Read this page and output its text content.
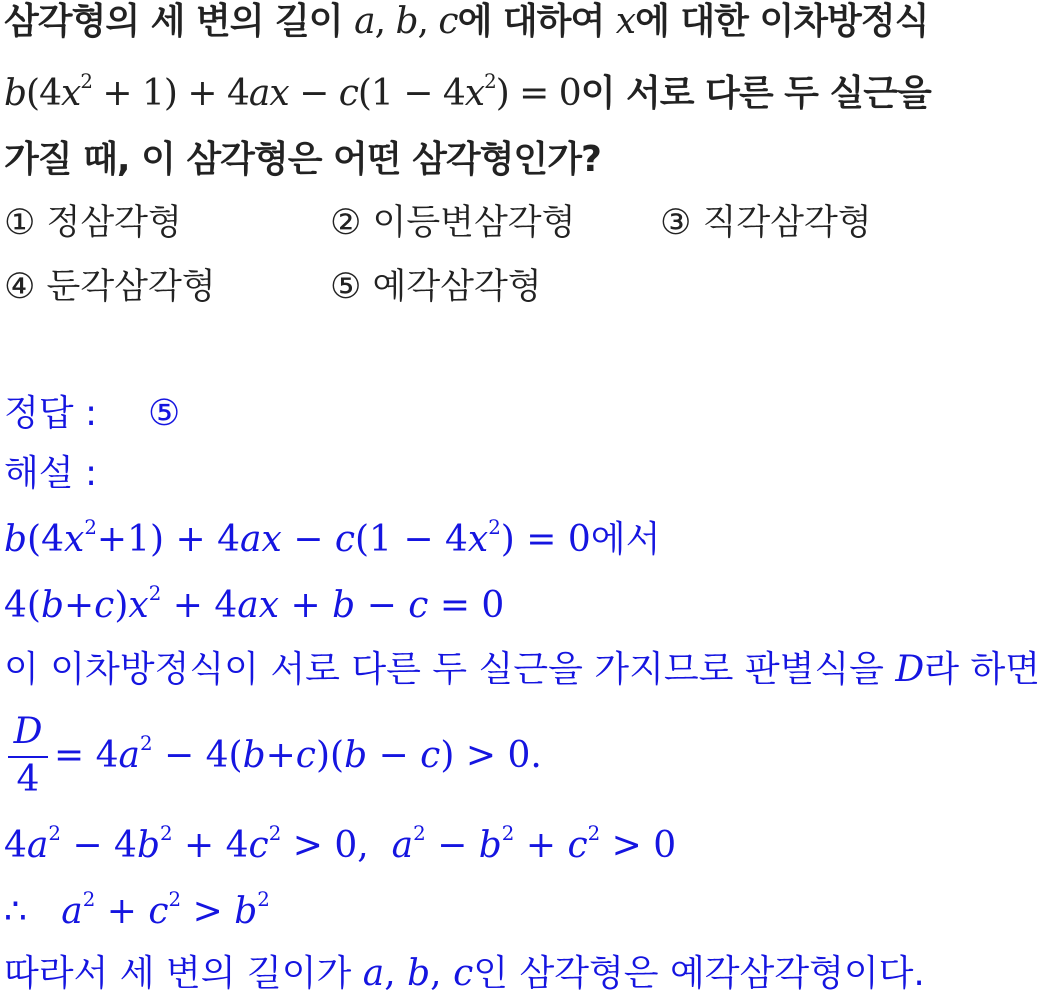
삼각형의 세 변의 길이 a, b, c에 대하여 x에 대한 이차방정식
$b(4x^2 + 1) + 4ax - c(1 - 4x^2) = 0$이 서로 다른 두 실근을
가질 때, 이 삼각형은 어떤 삼각형인가?
① 정삼각형	② 이등변삼각형 ③ 직각삼각형
④ 둔각삼각형	⑤ 예각삼각형
정답 : ⑤
해설 :
$b(4x^2+1) + 4ax - c(1 - 4x^2) = 0$에서
$4(b+c)x^2 + 4ax + b - c = 0$
이 이차방정식이 서로 다른 두 실근을 가지므로 판별식을 D라 하면
D
4
= $4a^2 - 4(b+c)(b - c) > 0$.
$4a^2 - 4b^2 + 4c^2 > 0$,  $a^2 - b^2 + c^2 > 0$
∴   $a^2 + c^2 > b^2$
따라서 세 변의 길이가 a, b, c인 삼각형은 예각삼각형이다.
